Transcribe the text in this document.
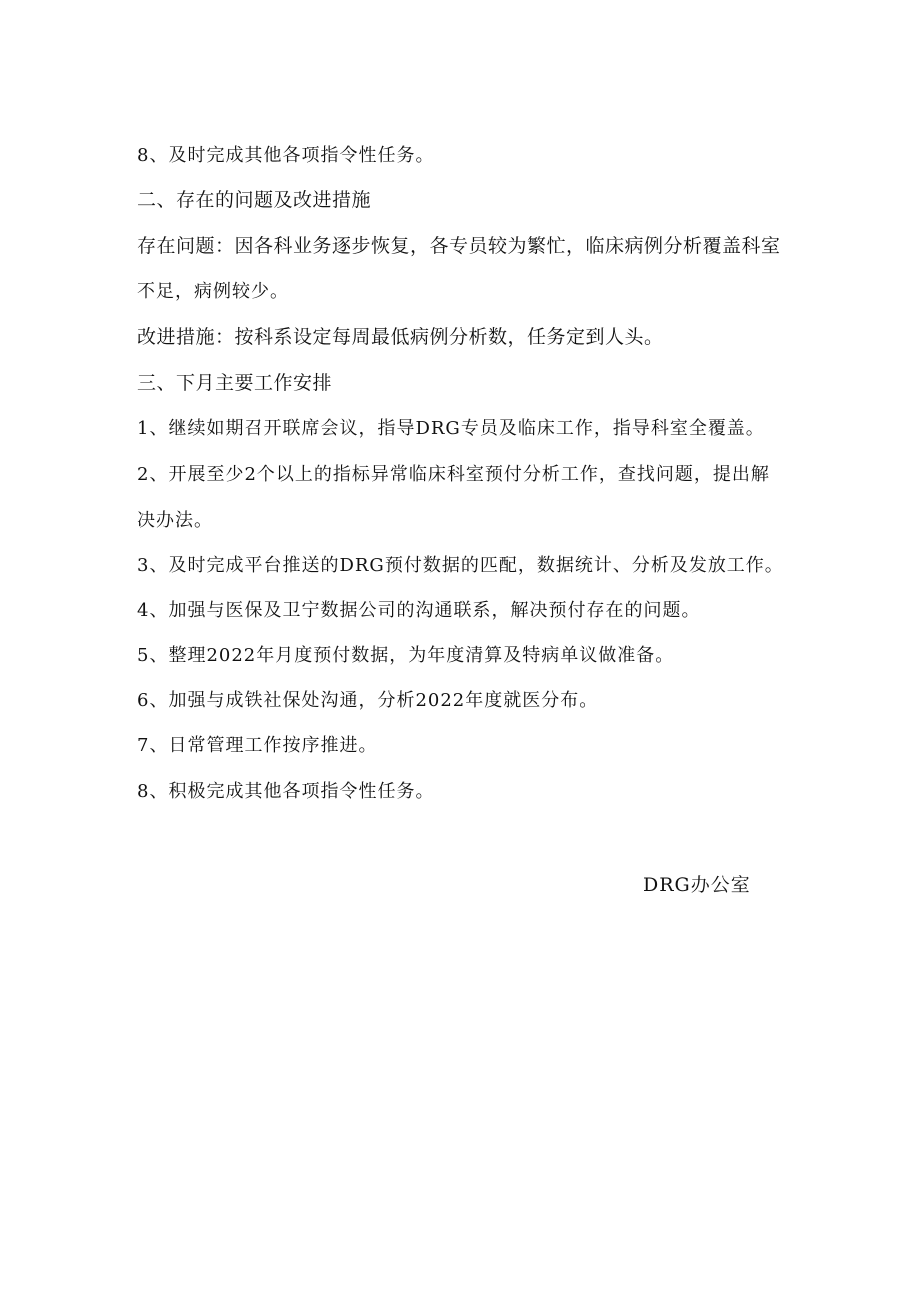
8、及时完成其他各项指令性任务。
二、存在的问题及改进措施
存在问题：因各科业务逐步恢复，各专员较为繁忙，临床病例分析覆盖科室
不足，病例较少。
改进措施：按科系设定每周最低病例分析数，任务定到人头。
三、下月主要工作安排
1、继续如期召开联席会议，指导DRG专员及临床工作，指导科室全覆盖。
2、开展至少2个以上的指标异常临床科室预付分析工作，查找问题，提出解
决办法。
3、及时完成平台推送的DRG预付数据的匹配，数据统计、分析及发放工作。
4、加强与医保及卫宁数据公司的沟通联系，解决预付存在的问题。
5、整理2022年月度预付数据，为年度清算及特病单议做准备。
6、加强与成铁社保处沟通，分析2022年度就医分布。
7、日常管理工作按序推进。
8、积极完成其他各项指令性任务。
DRG办公室
